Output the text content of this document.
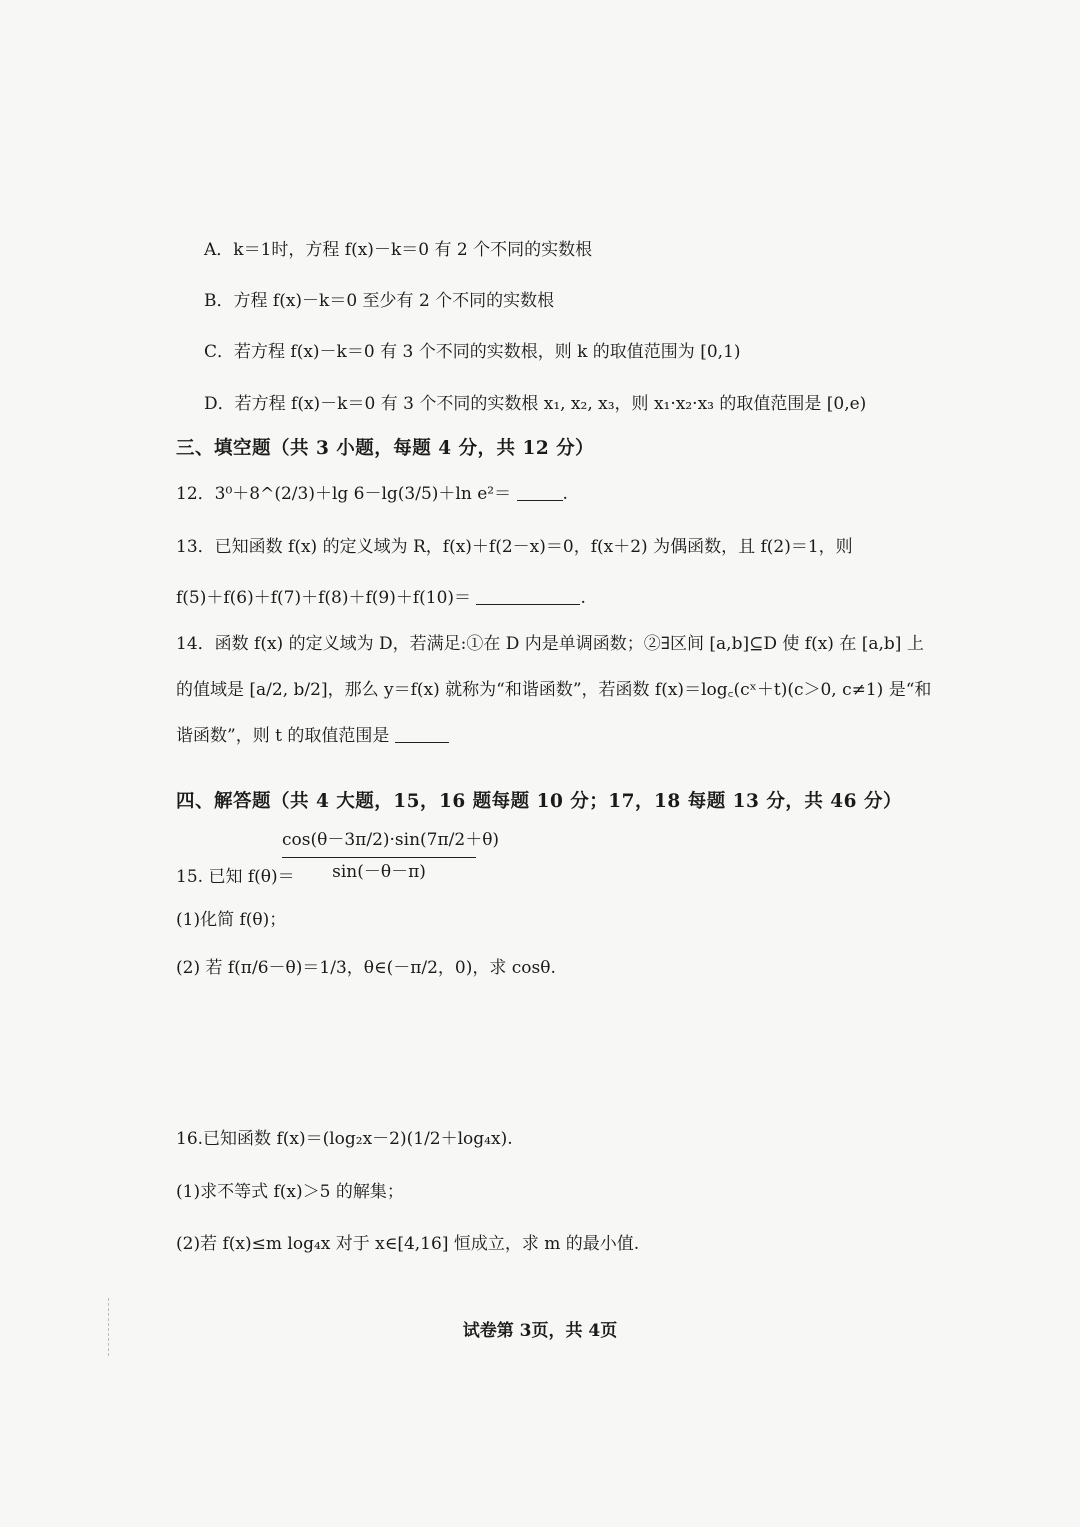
A．k＝1时，方程 f(x)－k＝0 有 2 个不同的实数根
B．方程 f(x)－k＝0 至少有 2 个不同的实数根
C．若方程 f(x)－k＝0 有 3 个不同的实数根，则 k 的取值范围为 [0,1)
D．若方程 f(x)－k＝0 有 3 个不同的实数根 x₁, x₂, x₃，则 x₁·x₂·x₃ 的取值范围是 [0,e)
三、填空题（共 3 小题，每题 4 分，共 12 分）
12．3⁰＋8^(2/3)＋lg 6－lg(3/5)＋ln e²＝	.
13．已知函数 f(x) 的定义域为 R，f(x)＋f(2－x)＝0，f(x＋2) 为偶函数，且 f(2)＝1，则
f(5)＋f(6)＋f(7)＋f(8)＋f(9)＋f(10)＝	.
14．函数 f(x) 的定义域为 D，若满足:①在 D 内是单调函数；②∃区间 [a,b]⊆D 使 f(x) 在 [a,b] 上
的值域是 [a/2, b/2]，那么 y＝f(x) 就称为“和谐函数”，若函数 f(x)＝log꜀(cˣ＋t)(c＞0, c≠1) 是“和
谐函数”，则 t 的取值范围是
四、解答题（共 4 大题，15，16 题每题 10 分；17，18 每题 13 分，共 46 分）
15. 已知 f(θ)＝
cos(θ－3π/2)·sin(7π/2＋θ)
sin(－θ－π)
(1)化简 f(θ)；
(2) 若 f(π/6－θ)＝1/3，θ∈(－π/2，0)，求 cosθ.
16.已知函数 f(x)＝(log₂x－2)(1/2＋log₄x).
(1)求不等式 f(x)＞5 的解集；
(2)若 f(x)≤m log₄x 对于 x∈[4,16] 恒成立，求 m 的最小值.
试卷第 3页，共 4页
